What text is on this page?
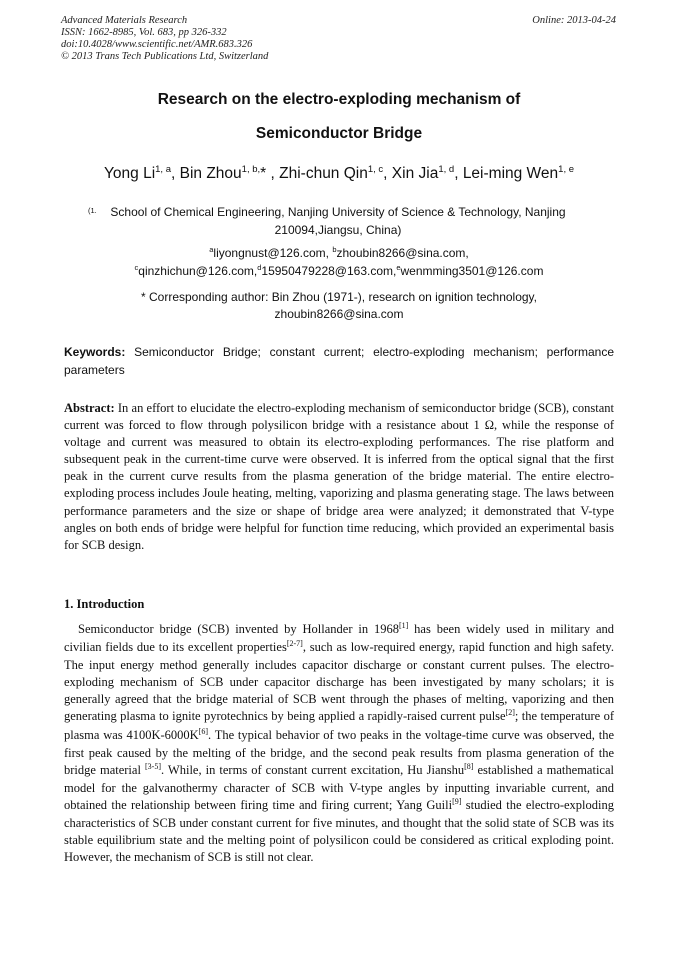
Advanced Materials Research
ISSN: 1662-8985, Vol. 683, pp 326-332
doi:10.4028/www.scientific.net/AMR.683.326
© 2013 Trans Tech Publications Ltd, Switzerland
Online: 2013-04-24
Research on the electro-exploding mechanism of
Semiconductor Bridge
Yong Li$^{1, a}$, Bin Zhou$^{1, b,}$* , Zhi-chun Qin$^{1, c}$, Xin Jia$^{1, d}$, Lei-ming Wen$^{1, e}$
(1.	School of Chemical Engineering, Nanjing University of Science & Technology, Nanjing
210094,Jiangsu, China)
$^a$liyongnust@126.com, $^b$zhoubin8266@sina.com,
$^c$qinzhichun@126.com,$^d$15950479228@163.com,$^e$wenmming3501@126.com
* Corresponding author: Bin Zhou (1971-), research on ignition technology,
zhoubin8266@sina.com
Keywords: Semiconductor Bridge; constant current; electro-exploding mechanism; performance parameters
Abstract: In an effort to elucidate the electro-exploding mechanism of semiconductor bridge (SCB), constant current was forced to flow through polysilicon bridge with a resistance about 1 Ω, while the response of voltage and current was measured to obtain its electro-exploding performances. The rise platform and subsequent peak in the current-time curve were observed. It is inferred from the optical signal that the first peak in the current curve results from the plasma generation of the bridge material. The entire electro-exploding process includes Joule heating, melting, vaporizing and plasma generating stage. The laws between performance parameters and the size or shape of bridge area were analyzed; it demonstrated that V-type angles on both ends of bridge were helpful for function time reducing, which provided an experimental basis for SCB design.
1. Introduction
Semiconductor bridge (SCB) invented by Hollander in 1968[1] has been widely used in military and civilian fields due to its excellent properties[2-7], such as low-required energy, rapid function and high safety. The input energy method generally includes capacitor discharge or constant current pulses. The electro-exploding mechanism of SCB under capacitor discharge has been investigated by many scholars; it is generally agreed that the bridge material of SCB went through the phases of melting, vaporizing and then generating plasma to ignite pyrotechnics by being applied a rapidly-raised current pulse[2]; the temperature of plasma was 4100K-6000K[6]. The typical behavior of two peaks in the voltage-time curve was observed, the first peak caused by the melting of the bridge, and the second peak results from plasma generation of the bridge material [3-5]. While, in terms of constant current excitation, Hu Jianshu[8] established a mathematical model for the galvanothermy character of SCB with V-type angles by inputting invariable current, and obtained the relationship between firing time and firing current; Yang Guili[9] studied the electro-exploding characteristics of SCB under constant current for five minutes, and thought that the solid state of SCB was its stable equilibrium state and the melting point of polysilicon could be considered as critical exploding point. However, the mechanism of SCB is still not clear.
